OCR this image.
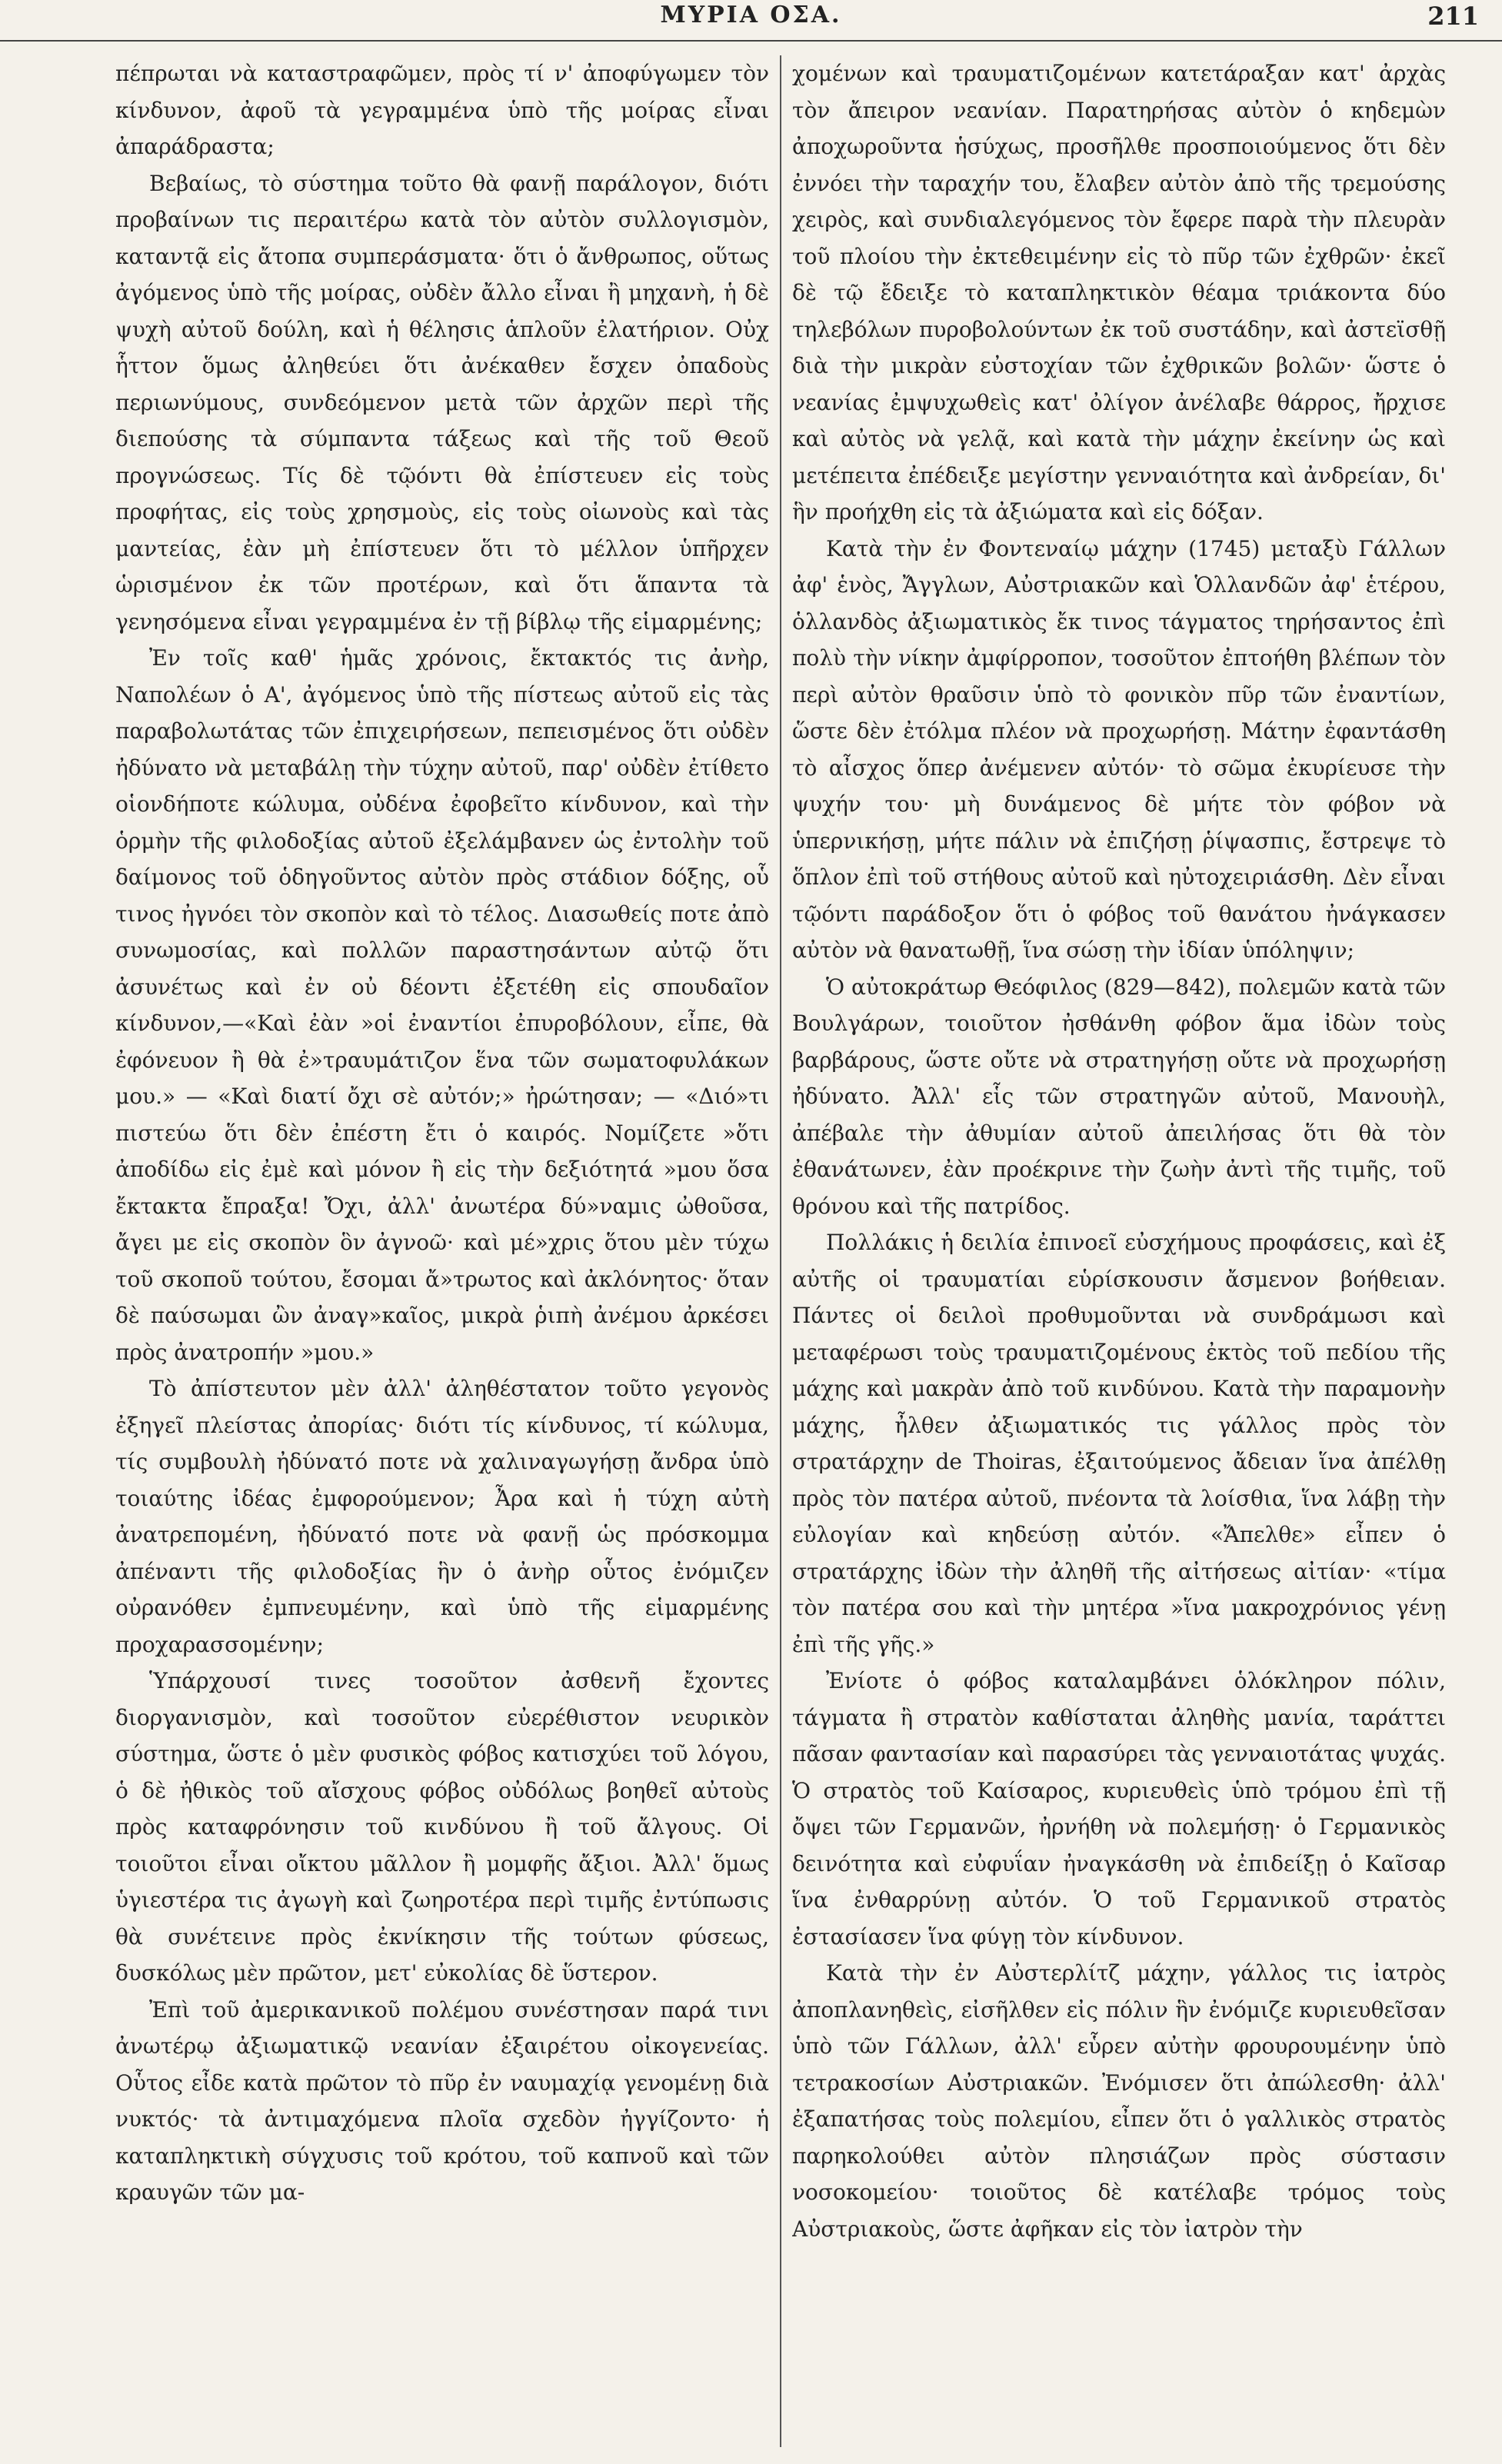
ΜΥΡΙΑ ΟΣΑ.	211

πέπρωται νὰ καταστραφῶμεν, πρὸς τί ν' ἀποφύγωμεν τὸν κίνδυνον, ἀφοῦ τὰ γεγραμμένα ὑπὸ τῆς μοίρας εἶναι ἀπαράδραστα;

Βεβαίως, τὸ σύστημα τοῦτο θὰ φανῇ παράλογον, διότι προβαίνων τις περαιτέρω κατὰ τὸν αὐτὸν συλλογισμὸν, καταντᾷ εἰς ἄτοπα συμπεράσματα· ὅτι ὁ ἄνθρωπος, οὕτως ἀγόμενος ὑπὸ τῆς μοίρας, οὐδὲν ἄλλο εἶναι ἢ μηχανὴ, ἡ δὲ ψυχὴ αὐτοῦ δούλη, καὶ ἡ θέλησις ἁπλοῦν ἐλατήριον. Οὐχ ἧττον ὅμως ἀληθεύει ὅτι ἀνέκαθεν ἔσχεν ὀπαδοὺς περιωνύμους, συνδεόμενον μετὰ τῶν ἀρχῶν περὶ τῆς διεπούσης τὰ σύμπαντα τάξεως καὶ τῆς τοῦ Θεοῦ προγνώσεως. Τίς δὲ τῷόντι θὰ ἐπίστευεν εἰς τοὺς προφήτας, εἰς τοὺς χρησμοὺς, εἰς τοὺς οἰωνοὺς καὶ τὰς μαντείας, ἐὰν μὴ ἐπίστευεν ὅτι τὸ μέλλον ὑπῆρχεν ὡρισμένον ἐκ τῶν προτέρων, καὶ ὅτι ἅπαντα τὰ γενησόμενα εἶναι γεγραμμένα ἐν τῇ βίβλῳ τῆς εἱμαρμένης;

Ἐν τοῖς καθ' ἡμᾶς χρόνοις, ἔκτακτός τις ἀνὴρ, Ναπολέων ὁ Α', ἀγόμενος ὑπὸ τῆς πίστεως αὐτοῦ εἰς τὰς παραβολωτάτας τῶν ἐπιχειρήσεων, πεπεισμένος ὅτι οὐδὲν ἠδύνατο νὰ μεταβάλῃ τὴν τύχην αὐτοῦ, παρ' οὐδὲν ἐτίθετο οἱονδήποτε κώλυμα, οὐδένα ἐφοβεῖτο κίνδυνον, καὶ τὴν ὁρμὴν τῆς φιλοδοξίας αὐτοῦ ἐξελάμβανεν ὡς ἐντολὴν τοῦ δαίμονος τοῦ ὁδηγοῦντος αὐτὸν πρὸς στάδιον δόξης, οὗ τινος ἠγνόει τὸν σκοπὸν καὶ τὸ τέλος. Διασωθείς ποτε ἀπὸ συνωμοσίας, καὶ πολλῶν παραστησάντων αὐτῷ ὅτι ἀσυνέτως καὶ ἐν οὐ δέοντι ἐξετέθη εἰς σπουδαῖον κίνδυνον,—«Καὶ ἐὰν »οἱ ἐναντίοι ἐπυροβόλουν, εἶπε, θὰ ἐφόνευον ἢ θὰ ἐ»τραυμάτιζον ἕνα τῶν σωματοφυλάκων μου.» — «Καὶ διατί ὄχι σὲ αὐτόν;» ἠρώτησαν; — «Διό»τι πιστεύω ὅτι δὲν ἐπέστη ἔτι ὁ καιρός. Νομίζετε »ὅτι ἀποδίδω εἰς ἐμὲ καὶ μόνον ἢ εἰς τὴν δεξιότητά »μου ὅσα ἔκτακτα ἔπραξα! Ὄχι, ἀλλ' ἀνωτέρα δύ»ναμις ὠθοῦσα, ἄγει με εἰς σκοπὸν ὃν ἀγνοῶ· καὶ μέ»χρις ὅτου μὲν τύχω τοῦ σκοποῦ τούτου, ἔσομαι ἄ»τρωτος καὶ ἀκλόνητος· ὅταν δὲ παύσωμαι ὢν ἀναγ»καῖος, μικρὰ ῥιπὴ ἀνέμου ἀρκέσει πρὸς ἀνατροπήν »μου.»

Τὸ ἀπίστευτον μὲν ἀλλ' ἀληθέστατον τοῦτο γεγονὸς ἐξηγεῖ πλείστας ἀπορίας· διότι τίς κίνδυνος, τί κώλυμα, τίς συμβουλὴ ἠδύνατό ποτε νὰ χαλιναγωγήσῃ ἄνδρα ὑπὸ τοιαύτης ἰδέας ἐμφορούμενον; Ἆρα καὶ ἡ τύχη αὐτὴ ἀνατρεπομένη, ἠδύνατό ποτε νὰ φανῇ ὡς πρόσκομμα ἀπέναντι τῆς φιλοδοξίας ἣν ὁ ἀνὴρ οὗτος ἐνόμιζεν οὐρανόθεν ἐμπνευμένην, καὶ ὑπὸ τῆς εἱμαρμένης προχαρασσομένην;

Ὑπάρχουσί τινες τοσοῦτον ἀσθενῆ ἔχοντες διοργανισμὸν, καὶ τοσοῦτον εὐερέθιστον νευρικὸν σύστημα, ὥστε ὁ μὲν φυσικὸς φόβος κατισχύει τοῦ λόγου, ὁ δὲ ἠθικὸς τοῦ αἴσχους φόβος οὐδόλως βοηθεῖ αὐτοὺς πρὸς καταφρόνησιν τοῦ κινδύνου ἢ τοῦ ἄλγους. Οἱ τοιοῦτοι εἶναι οἴκτου μᾶλλον ἢ μομφῆς ἄξιοι. Ἀλλ' ὅμως ὑγιεστέρα τις ἀγωγὴ καὶ ζωηροτέρα περὶ τιμῆς ἐντύπωσις θὰ συνέτεινε πρὸς ἐκνίκησιν τῆς τούτων φύσεως, δυσκόλως μὲν πρῶτον, μετ' εὐκολίας δὲ ὕστερον.

Ἐπὶ τοῦ ἀμερικανικοῦ πολέμου συνέστησαν παρά τινι ἀνωτέρῳ ἀξιωματικῷ νεανίαν ἐξαιρέτου οἰκογενείας. Οὗτος εἶδε κατὰ πρῶτον τὸ πῦρ ἐν ναυμαχίᾳ γενομένῃ διὰ νυκτός· τὰ ἀντιμαχόμενα πλοῖα σχεδὸν ἠγγίζοντο· ἡ καταπληκτικὴ σύγχυσις τοῦ κρότου, τοῦ καπνοῦ καὶ τῶν κραυγῶν τῶν μα-

χομένων καὶ τραυματιζομένων κατετάραξαν κατ' ἀρχὰς τὸν ἄπειρον νεανίαν. Παρατηρήσας αὐτὸν ὁ κηδεμὼν ἀποχωροῦντα ἡσύχως, προσῆλθε προσποιούμενος ὅτι δὲν ἐννόει τὴν ταραχήν του, ἔλαβεν αὐτὸν ἀπὸ τῆς τρεμούσης χειρὸς, καὶ συνδιαλεγόμενος τὸν ἔφερε παρὰ τὴν πλευρὰν τοῦ πλοίου τὴν ἐκτεθειμένην εἰς τὸ πῦρ τῶν ἐχθρῶν· ἐκεῖ δὲ τῷ ἔδειξε τὸ καταπληκτικὸν θέαμα τριάκοντα δύο τηλεβόλων πυροβολούντων ἐκ τοῦ συστάδην, καὶ ἀστεϊσθῇ διὰ τὴν μικρὰν εὐστοχίαν τῶν ἐχθρικῶν βολῶν· ὥστε ὁ νεανίας ἐμψυχωθεὶς κατ' ὀλίγον ἀνέλαβε θάρρος, ἤρχισε καὶ αὐτὸς νὰ γελᾷ, καὶ κατὰ τὴν μάχην ἐκείνην ὡς καὶ μετέπειτα ἐπέδειξε μεγίστην γενναιότητα καὶ ἀνδρείαν, δι' ἣν προήχθη εἰς τὰ ἀξιώματα καὶ εἰς δόξαν.

Κατὰ τὴν ἐν Φοντεναίῳ μάχην (1745) μεταξὺ Γάλλων ἀφ' ἑνὸς, Ἄγγλων, Αὐστριακῶν καὶ Ὁλλανδῶν ἀφ' ἑτέρου, ὁλλανδὸς ἀξιωματικὸς ἔκ τινος τάγματος τηρήσαντος ἐπὶ πολὺ τὴν νίκην ἀμφίρροπον, τοσοῦτον ἐπτοήθη βλέπων τὸν περὶ αὐτὸν θραῦσιν ὑπὸ τὸ φονικὸν πῦρ τῶν ἐναντίων, ὥστε δὲν ἐτόλμα πλέον νὰ προχωρήσῃ. Μάτην ἐφαντάσθη τὸ αἶσχος ὅπερ ἀνέμενεν αὐτόν· τὸ σῶμα ἐκυρίευσε τὴν ψυχήν του· μὴ δυνάμενος δὲ μήτε τὸν φόβον νὰ ὑπερνικήσῃ, μήτε πάλιν νὰ ἐπιζήσῃ ῥίψασπις, ἔστρεψε τὸ ὅπλον ἐπὶ τοῦ στήθους αὐτοῦ καὶ ηὐτοχειριάσθη. Δὲν εἶναι τῷόντι παράδοξον ὅτι ὁ φόβος τοῦ θανάτου ἠνάγκασεν αὐτὸν νὰ θανατωθῇ, ἵνα σώσῃ τὴν ἰδίαν ὑπόληψιν;

Ὁ αὐτοκράτωρ Θεόφιλος (829—842), πολεμῶν κατὰ τῶν Βουλγάρων, τοιοῦτον ἠσθάνθη φόβον ἅμα ἰδὼν τοὺς βαρβάρους, ὥστε οὔτε νὰ στρατηγήσῃ οὔτε νὰ προχωρήσῃ ἠδύνατο. Ἀλλ' εἷς τῶν στρατηγῶν αὐτοῦ, Μανουὴλ, ἀπέβαλε τὴν ἀθυμίαν αὐτοῦ ἀπειλήσας ὅτι θὰ τὸν ἐθανάτωνεν, ἐὰν προέκρινε τὴν ζωὴν ἀντὶ τῆς τιμῆς, τοῦ θρόνου καὶ τῆς πατρίδος.

Πολλάκις ἡ δειλία ἐπινοεῖ εὐσχήμους προφάσεις, καὶ ἐξ αὐτῆς οἱ τραυματίαι εὑρίσκουσιν ἄσμενον βοήθειαν. Πάντες οἱ δειλοὶ προθυμοῦνται νὰ συνδράμωσι καὶ μεταφέρωσι τοὺς τραυματιζομένους ἐκτὸς τοῦ πεδίου τῆς μάχης καὶ μακρὰν ἀπὸ τοῦ κινδύνου. Κατὰ τὴν παραμονὴν μάχης, ἦλθεν ἀξιωματικός τις γάλλος πρὸς τὸν στρατάρχην de Thoiras, ἐξαιτούμενος ἄδειαν ἵνα ἀπέλθῃ πρὸς τὸν πατέρα αὐτοῦ, πνέοντα τὰ λοίσθια, ἵνα λάβῃ τὴν εὐλογίαν καὶ κηδεύσῃ αὐτόν. «Ἄπελθε» εἶπεν ὁ στρατάρχης ἰδὼν τὴν ἀληθῆ τῆς αἰτήσεως αἰτίαν· «τίμα τὸν πατέρα σου καὶ τὴν μητέρα »ἵνα μακροχρόνιος γένῃ ἐπὶ τῆς γῆς.»

Ἐνίοτε ὁ φόβος καταλαμβάνει ὁλόκληρον πόλιν, τάγματα ἢ στρατὸν καθίσταται ἀληθὴς μανία, ταράττει πᾶσαν φαντασίαν καὶ παρασύρει τὰς γενναιοτάτας ψυχάς. Ὁ στρατὸς τοῦ Καίσαρος, κυριευθεὶς ὑπὸ τρόμου ἐπὶ τῇ ὄψει τῶν Γερμανῶν, ἠρνήθη νὰ πολεμήσῃ· ὁ Γερμανικὸς δεινότητα καὶ εὐφυΐαν ἠναγκάσθη νὰ ἐπιδείξῃ ὁ Καῖσαρ ἵνα ἐνθαρρύνῃ αὐτόν. Ὁ τοῦ Γερμανικοῦ στρατὸς ἐστασίασεν ἵνα φύγῃ τὸν κίνδυνον.

Κατὰ τὴν ἐν Αὐστερλίτζ μάχην, γάλλος τις ἰατρὸς ἀποπλανηθεὶς, εἰσῆλθεν εἰς πόλιν ἣν ἐνόμιζε κυριευθεῖσαν ὑπὸ τῶν Γάλλων, ἀλλ' εὗρεν αὐτὴν φρουρουμένην ὑπὸ τετρακοσίων Αὐστριακῶν. Ἐνόμισεν ὅτι ἀπώλεσθη· ἀλλ' ἐξαπατήσας τοὺς πολεμίου, εἶπεν ὅτι ὁ γαλλικὸς στρατὸς παρηκολούθει αὐτὸν πλησιάζων πρὸς σύστασιν νοσοκομείου· τοιοῦτος δὲ κατέλαβε τρόμος τοὺς Αὐστριακοὺς, ὥστε ἀφῆκαν εἰς τὸν ἰατρὸν τὴν
